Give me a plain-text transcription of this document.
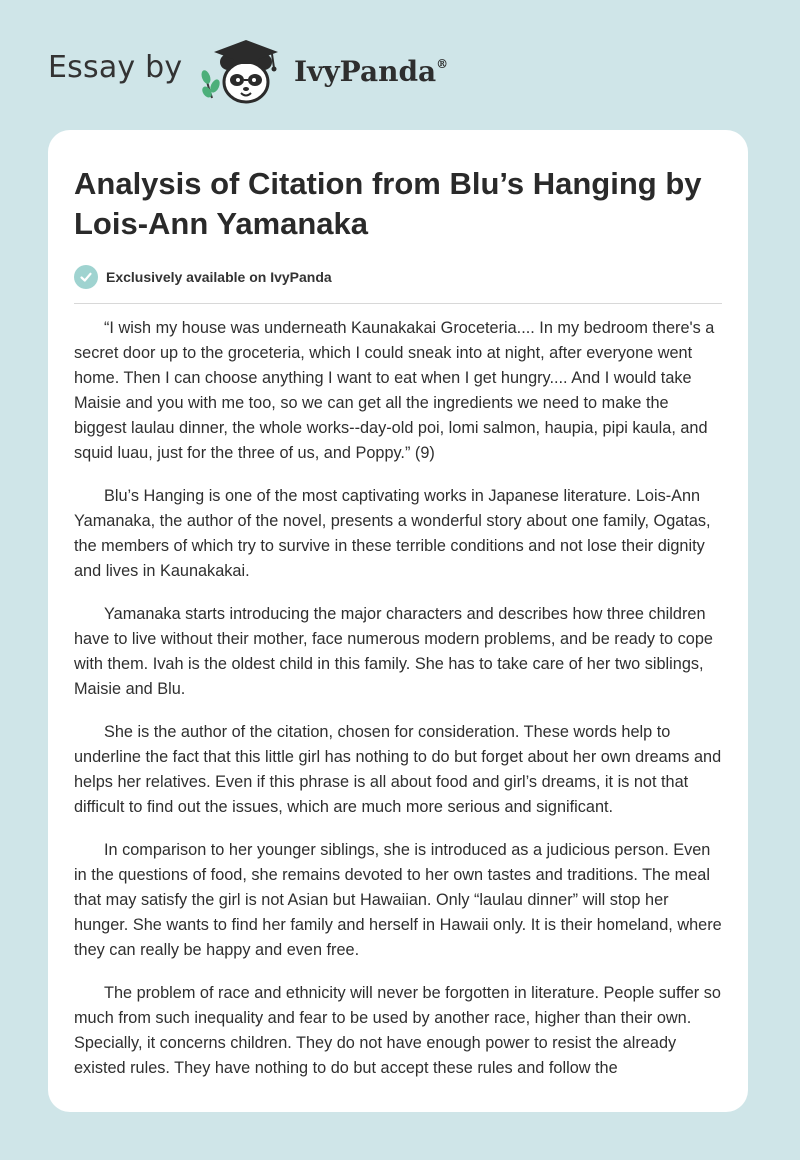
Essay by	IvyPanda®
Analysis of Citation from Blu’s Hanging by Lois-Ann Yamanaka
Exclusively available on IvyPanda

“I wish my house was underneath Kaunakakai Groceteria.... In my bedroom there's a secret door up to the groceteria, which I could sneak into at night, after everyone went home. Then I can choose anything I want to eat when I get hungry.... And I would take Maisie and you with me too, so we can get all the ingredients we need to make the biggest laulau dinner, the whole works--day-old poi, lomi salmon, haupia, pipi kaula, and squid luau, just for the three of us, and Poppy.” (9)

Blu’s Hanging is one of the most captivating works in Japanese literature. Lois-Ann Yamanaka, the author of the novel, presents a wonderful story about one family, Ogatas, the members of which try to survive in these terrible conditions and not lose their dignity and lives in Kaunakakai.

Yamanaka starts introducing the major characters and describes how three children have to live without their mother, face numerous modern problems, and be ready to cope with them. Ivah is the oldest child in this family. She has to take care of her two siblings, Maisie and Blu.

She is the author of the citation, chosen for consideration. These words help to underline the fact that this little girl has nothing to do but forget about her own dreams and helps her relatives. Even if this phrase is all about food and girl’s dreams, it is not that difficult to find out the issues, which are much more serious and significant.

In comparison to her younger siblings, she is introduced as a judicious person. Even in the questions of food, she remains devoted to her own tastes and traditions. The meal that may satisfy the girl is not Asian but Hawaiian. Only “laulau dinner” will stop her hunger. She wants to find her family and herself in Hawaii only. It is their homeland, where they can really be happy and even free.

The problem of race and ethnicity will never be forgotten in literature. People suffer so much from such inequality and fear to be used by another race, higher than their own. Specially, it concerns children. They do not have enough power to resist the already existed rules. They have nothing to do but accept these rules and follow the
